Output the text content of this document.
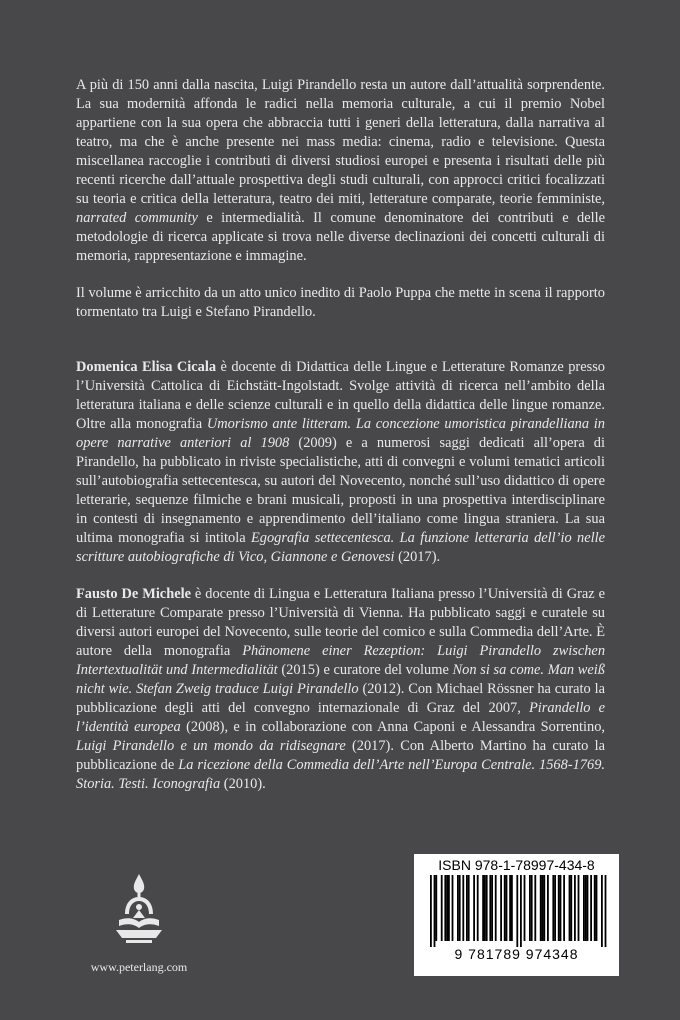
A più di 150 anni dalla nascita, Luigi Pirandello resta un autore dall’attualità sorprendente. La sua modernità affonda le radici nella memoria culturale, a cui il premio Nobel appartiene con la sua opera che abbraccia tutti i generi della letteratura, dalla narrativa al teatro, ma che è anche presente nei mass media: cinema, radio e televisione. Questa miscellanea raccoglie i contributi di diversi studiosi europei e presenta i risultati delle più recenti ricerche dall’attuale prospettiva degli studi culturali, con approcci critici focalizzati su teoria e critica della letteratura, teatro dei miti, letterature comparate, teorie femministe, narrated community e intermedialità. Il comune denominatore dei contributi e delle metodologie di ricerca applicate si trova nelle diverse declinazioni dei concetti culturali di memoria, rappresentazione e immagine.

Il volume è arricchito da un atto unico inedito di Paolo Puppa che mette in scena il rapporto tormentato tra Luigi e Stefano Pirandello.

Domenica Elisa Cicala è docente di Didattica delle Lingue e Letterature Romanze presso l’Università Cattolica di Eichstätt-Ingolstadt. Svolge attività di ricerca nell’ambito della letteratura italiana e delle scienze culturali e in quello della didattica delle lingue romanze. Oltre alla monografia Umorismo ante litteram. La concezione umoristica pirandelliana in opere narrative anteriori al 1908 (2009) e a numerosi saggi dedicati all’opera di Pirandello, ha pubblicato in riviste specialistiche, atti di convegni e volumi tematici articoli sull’autobiografia settecentesca, su autori del Novecento, nonché sull’uso didattico di opere letterarie, sequenze filmiche e brani musicali, proposti in una prospettiva interdisciplinare in contesti di insegnamento e apprendimento dell’italiano come lingua straniera. La sua ultima monografia si intitola Egografia settecentesca. La funzione letteraria dell’io nelle scritture autobiografiche di Vico, Giannone e Genovesi (2017).

Fausto De Michele è docente di Lingua e Letteratura Italiana presso l’Università di Graz e di Letterature Comparate presso l’Università di Vienna. Ha pubblicato saggi e curatele su diversi autori europei del Novecento, sulle teorie del comico e sulla Commedia dell’Arte. È autore della monografia Phänomene einer Rezeption: Luigi Pirandello zwischen Intertextualität und Intermedialität (2015) e curatore del volume Non si sa come. Man weiß nicht wie. Stefan Zweig traduce Luigi Pirandello (2012). Con Michael Rössner ha curato la pubblicazione degli atti del convegno internazionale di Graz del 2007, Pirandello e l’identità europea (2008), e in collaborazione con Anna Caponi e Alessandra Sorrentino, Luigi Pirandello e un mondo da ridisegnare (2017). Con Alberto Martino ha curato la pubblicazione de La ricezione della Commedia dell’Arte nell’Europa Centrale. 1568-1769. Storia. Testi. Iconografia (2010).

www.peterlang.com
ISBN 978-1-78997-434-8
9 781789 974348
